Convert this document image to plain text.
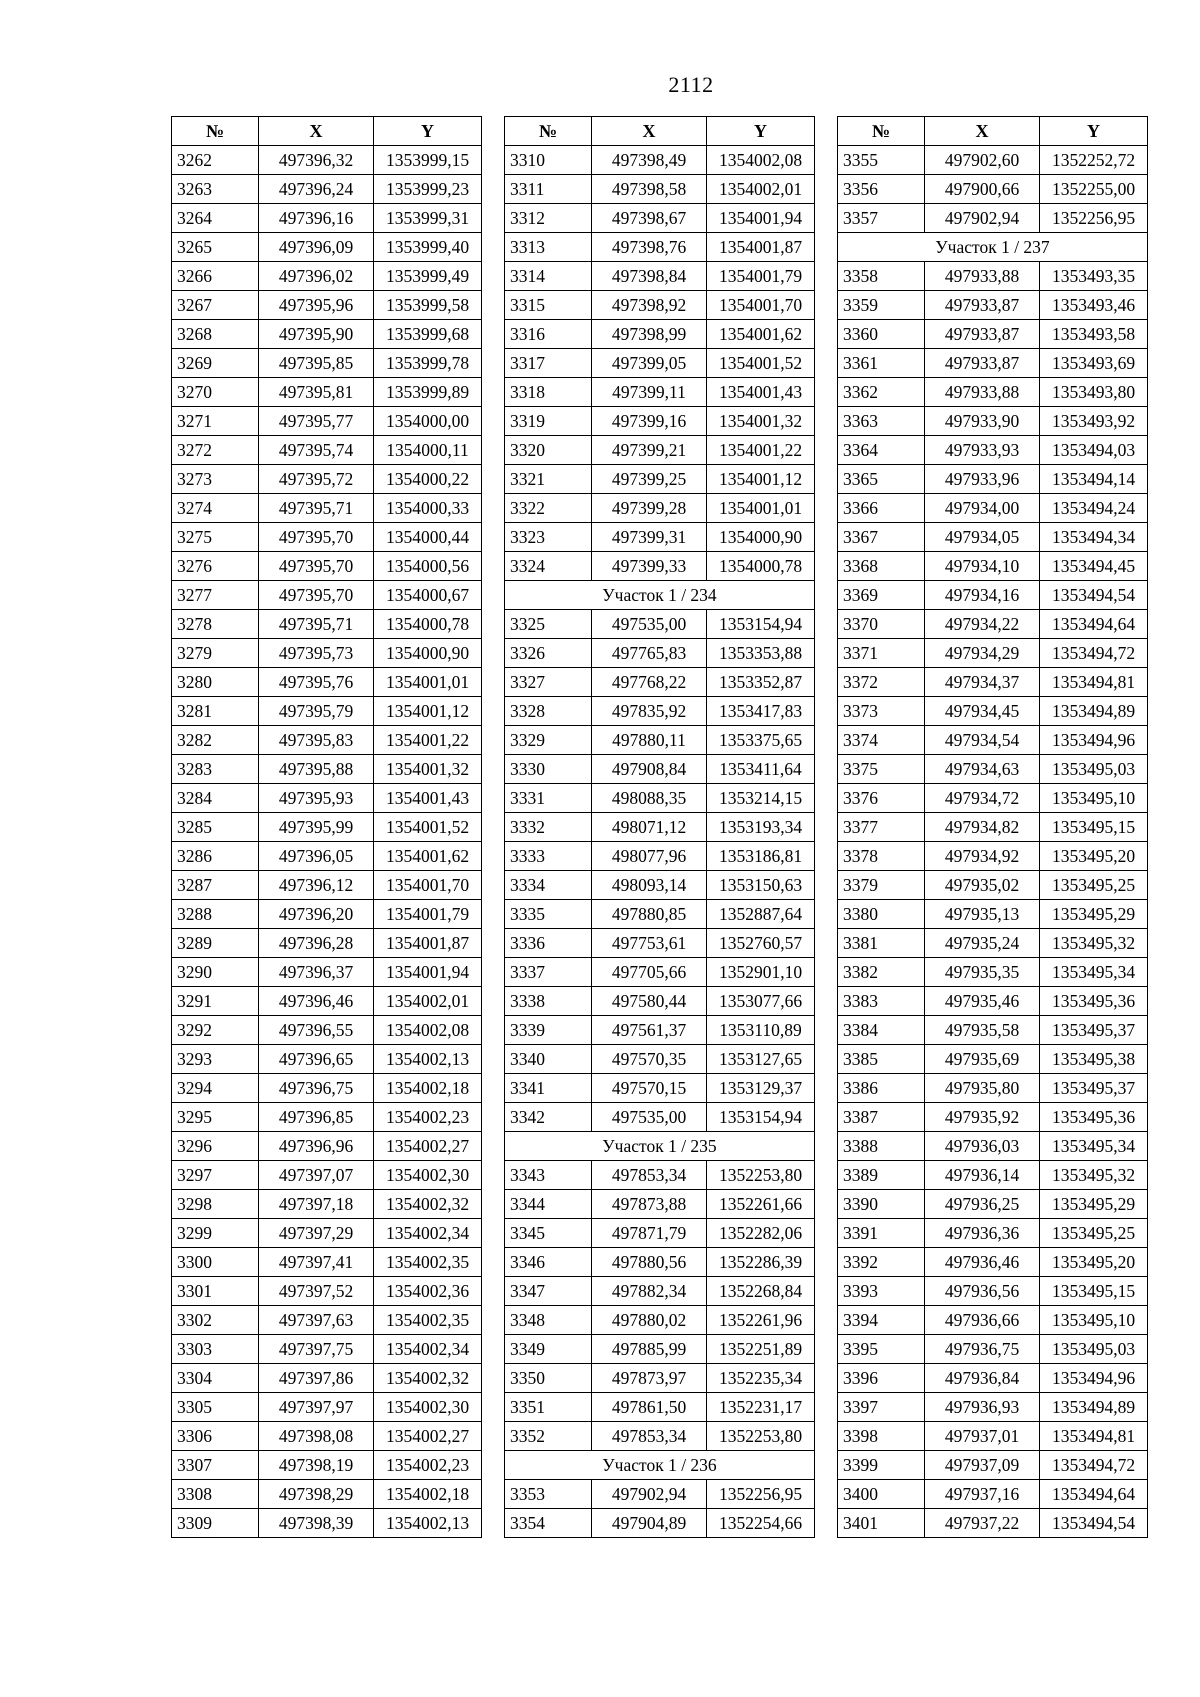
2112
№	X	Y
3262	497396,32	1353999,15
3263	497396,24	1353999,23
3264	497396,16	1353999,31
3265	497396,09	1353999,40
3266	497396,02	1353999,49
3267	497395,96	1353999,58
3268	497395,90	1353999,68
3269	497395,85	1353999,78
3270	497395,81	1353999,89
3271	497395,77	1354000,00
3272	497395,74	1354000,11
3273	497395,72	1354000,22
3274	497395,71	1354000,33
3275	497395,70	1354000,44
3276	497395,70	1354000,56
3277	497395,70	1354000,67
3278	497395,71	1354000,78
3279	497395,73	1354000,90
3280	497395,76	1354001,01
3281	497395,79	1354001,12
3282	497395,83	1354001,22
3283	497395,88	1354001,32
3284	497395,93	1354001,43
3285	497395,99	1354001,52
3286	497396,05	1354001,62
3287	497396,12	1354001,70
3288	497396,20	1354001,79
3289	497396,28	1354001,87
3290	497396,37	1354001,94
3291	497396,46	1354002,01
3292	497396,55	1354002,08
3293	497396,65	1354002,13
3294	497396,75	1354002,18
3295	497396,85	1354002,23
3296	497396,96	1354002,27
3297	497397,07	1354002,30
3298	497397,18	1354002,32
3299	497397,29	1354002,34
3300	497397,41	1354002,35
3301	497397,52	1354002,36
3302	497397,63	1354002,35
3303	497397,75	1354002,34
3304	497397,86	1354002,32
3305	497397,97	1354002,30
3306	497398,08	1354002,27
3307	497398,19	1354002,23
3308	497398,29	1354002,18
3309	497398,39	1354002,13
№	X	Y
3310	497398,49	1354002,08
3311	497398,58	1354002,01
3312	497398,67	1354001,94
3313	497398,76	1354001,87
3314	497398,84	1354001,79
3315	497398,92	1354001,70
3316	497398,99	1354001,62
3317	497399,05	1354001,52
3318	497399,11	1354001,43
3319	497399,16	1354001,32
3320	497399,21	1354001,22
3321	497399,25	1354001,12
3322	497399,28	1354001,01
3323	497399,31	1354000,90
3324	497399,33	1354000,78
Участок 1 / 234		
3325	497535,00	1353154,94
3326	497765,83	1353353,88
3327	497768,22	1353352,87
3328	497835,92	1353417,83
3329	497880,11	1353375,65
3330	497908,84	1353411,64
3331	498088,35	1353214,15
3332	498071,12	1353193,34
3333	498077,96	1353186,81
3334	498093,14	1353150,63
3335	497880,85	1352887,64
3336	497753,61	1352760,57
3337	497705,66	1352901,10
3338	497580,44	1353077,66
3339	497561,37	1353110,89
3340	497570,35	1353127,65
3341	497570,15	1353129,37
3342	497535,00	1353154,94
Участок 1 / 235		
3343	497853,34	1352253,80
3344	497873,88	1352261,66
3345	497871,79	1352282,06
3346	497880,56	1352286,39
3347	497882,34	1352268,84
3348	497880,02	1352261,96
3349	497885,99	1352251,89
3350	497873,97	1352235,34
3351	497861,50	1352231,17
3352	497853,34	1352253,80
Участок 1 / 236		
3353	497902,94	1352256,95
3354	497904,89	1352254,66
№	X	Y
3355	497902,60	1352252,72
3356	497900,66	1352255,00
3357	497902,94	1352256,95
Участок 1 / 237		
3358	497933,88	1353493,35
3359	497933,87	1353493,46
3360	497933,87	1353493,58
3361	497933,87	1353493,69
3362	497933,88	1353493,80
3363	497933,90	1353493,92
3364	497933,93	1353494,03
3365	497933,96	1353494,14
3366	497934,00	1353494,24
3367	497934,05	1353494,34
3368	497934,10	1353494,45
3369	497934,16	1353494,54
3370	497934,22	1353494,64
3371	497934,29	1353494,72
3372	497934,37	1353494,81
3373	497934,45	1353494,89
3374	497934,54	1353494,96
3375	497934,63	1353495,03
3376	497934,72	1353495,10
3377	497934,82	1353495,15
3378	497934,92	1353495,20
3379	497935,02	1353495,25
3380	497935,13	1353495,29
3381	497935,24	1353495,32
3382	497935,35	1353495,34
3383	497935,46	1353495,36
3384	497935,58	1353495,37
3385	497935,69	1353495,38
3386	497935,80	1353495,37
3387	497935,92	1353495,36
3388	497936,03	1353495,34
3389	497936,14	1353495,32
3390	497936,25	1353495,29
3391	497936,36	1353495,25
3392	497936,46	1353495,20
3393	497936,56	1353495,15
3394	497936,66	1353495,10
3395	497936,75	1353495,03
3396	497936,84	1353494,96
3397	497936,93	1353494,89
3398	497937,01	1353494,81
3399	497937,09	1353494,72
3400	497937,16	1353494,64
3401	497937,22	1353494,54
